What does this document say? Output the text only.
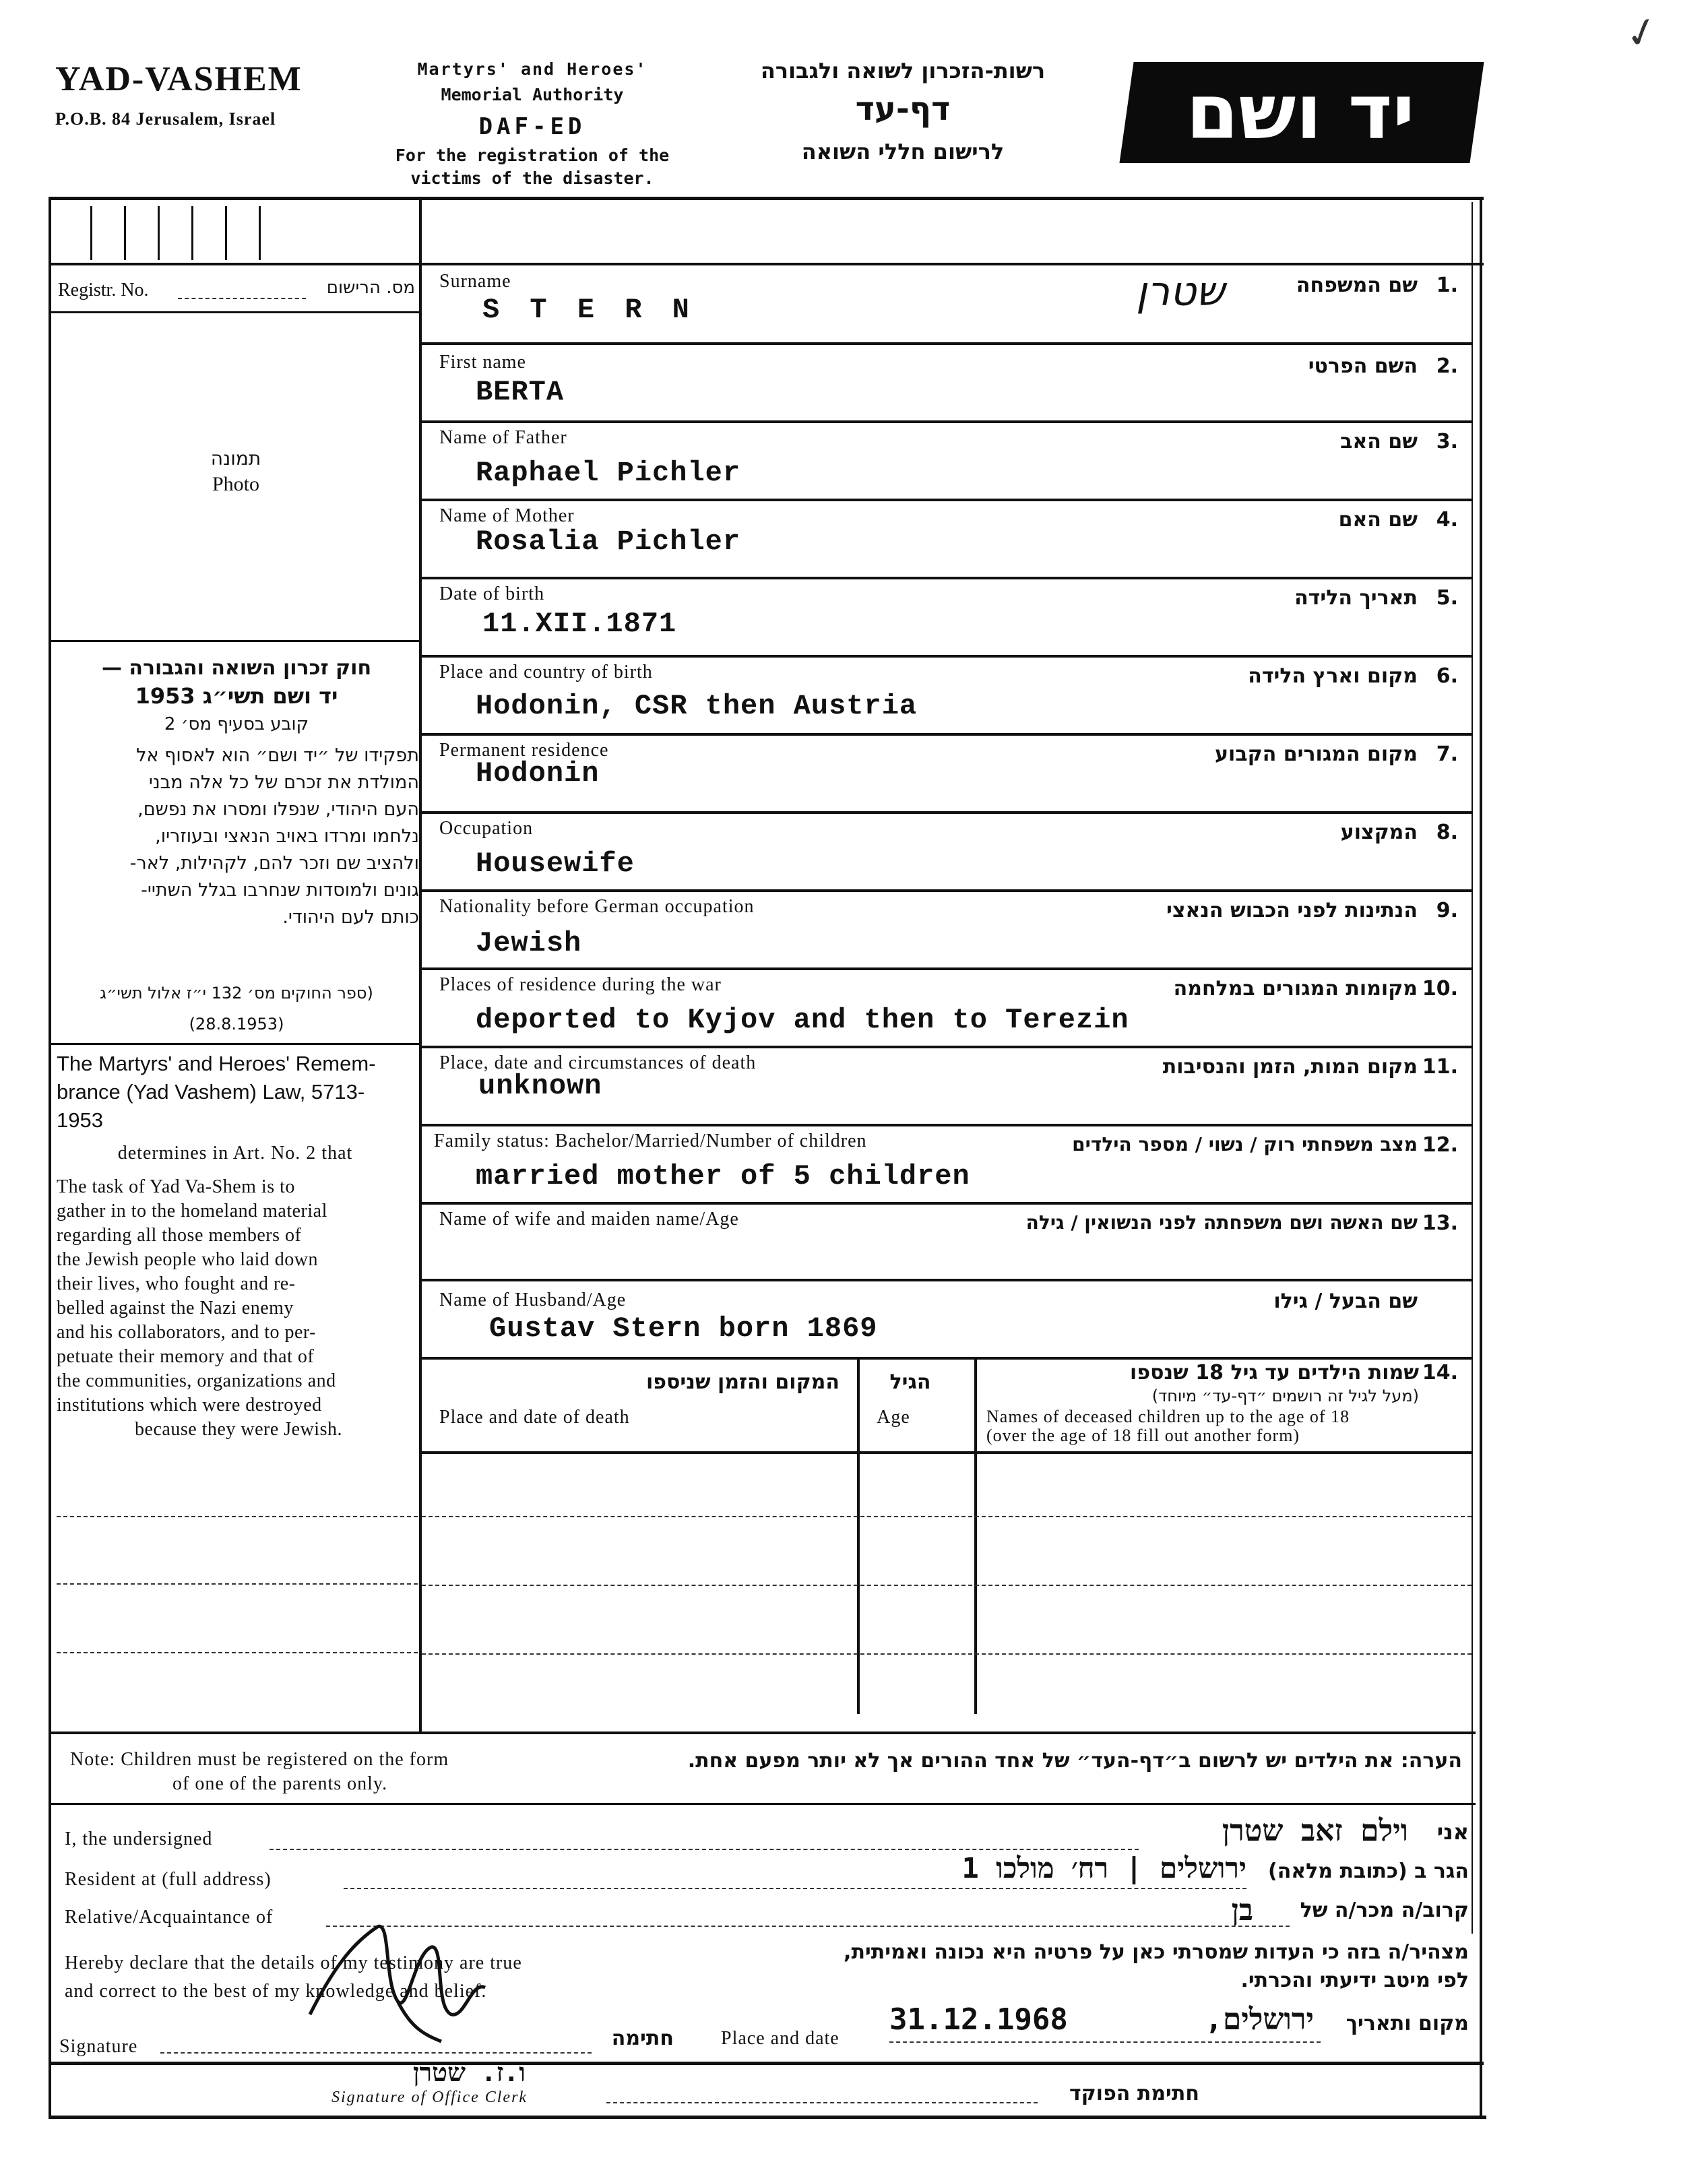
YAD-VASHEM
P.O.B. 84 Jerusalem, Israel
Martyrs' and Heroes'
Memorial Authority
DAF-ED
For the registration of the
victims of the disaster.
רשות-הזכרון לשואה ולגבורה
דף-עד
לרישום חללי השואה	יד ושם
✓
Registr. No.	מס. הרישום
תמונה
Photo
חוק זכרון השואה והגבורה —
יד ושם תשי״ג 1953
קובע בסעיף מס׳ 2
תפקידו של ״יד ושם״ הוא לאסוף אל
המולדת את זכרם של כל אלה מבני
העם היהודי, שנפלו ומסרו את נפשם,
נלחמו ומרדו באויב הנאצי ובעוזריו,
ולהציב שם וזכר להם, לקהילות, לאר-
גונים ולמוסדות שנחרבו בגלל השתיי-
כותם לעם היהודי.
(ספר החוקים מס׳ 132 י״ז אלול תשי״ג
(28.8.1953)
The Martyrs' and Heroes' Remem-
brance (Yad Vashem) Law, 5713-
1953
determines in Art. No. 2 that
The task of Yad Va-Shem is to
gather in to the homeland material
regarding all those members of
the Jewish people who laid down
their lives, who fought and re-
belled against the Nazi enemy
and his collaborators, and to per-
petuate their memory and that of
the communities, organizations and
institutions which were destroyed
because they were Jewish.
Surname	שם המשפחה 1.
S T E R N	שטרן
First name	השם הפרטי 2.
BERTA
Name of Father	שם האב 3.
Raphael Pichler
Name of Mother	שם האם 4.
Rosalia Pichler
Date of birth	תאריך הלידה 5.
11.XII.1871
Place and country of birth	מקום וארץ הלידה 6.
Hodonin, CSR then Austria
Permanent residence	מקום המגורים הקבוע 7.
Hodonin
Occupation	המקצוע 8.
Housewife
Nationality before German occupation	הנתינות לפני הכבוש הנאצי 9.
Jewish
Places of residence during the war	מקומות המגורים במלחמה 10.
deported to Kyjov and then to Terezin
Place, date and circumstances of death	מקום המות, הזמן והנסיבות 11.
unknown
Family status: Bachelor/Married/Number of children	מצב משפחתי רוק / נשוי / מספר הילדים 12.
married mother of 5 children
Name of wife and maiden name/Age	שם האשה ושם משפחתה לפני הנשואין / גילה 13.
Name of Husband/Age	שם הבעל / גילו
Gustav Stern born 1869
המקום והזמן שניספו
Place and date of death
הגיל
Age
שמות הילדים עד גיל 18 שנספו 14.
(מעל לגיל זה רושמים ״דף-עד״ מיוחד)
Names of deceased children up to the age of 18
(over the age of 18 fill out another form)
Note: Children must be registered on the form
of one of the parents only.
הערה: את הילדים יש לרשום ב״דף-העד״ של אחד ההורים אך לא יותר מפעם אחת.
I, the undersigned	וילם זאב שטרן	אני
Resident at (full address)	ירושלים | רח׳ מולכו 1	הגר ב (כתובת מלאה)
Relative/Acquaintance of	בן	קרוב/ה מכר/ה של
Hereby declare that the details of my testimony are true
and correct to the best of my knowledge and belief.
מצהיר/ה בזה כי העדות שמסרתי כאן על פרטיה היא נכונה ואמיתית,
לפי מיטב ידיעתי והכרתי.
Signature	חתימה	Place and date
31.12.1968	ירושלים,	מקום ותאריך
ו.ז. שטרן
Signature of Office Clerk	חתימת הפוקד
